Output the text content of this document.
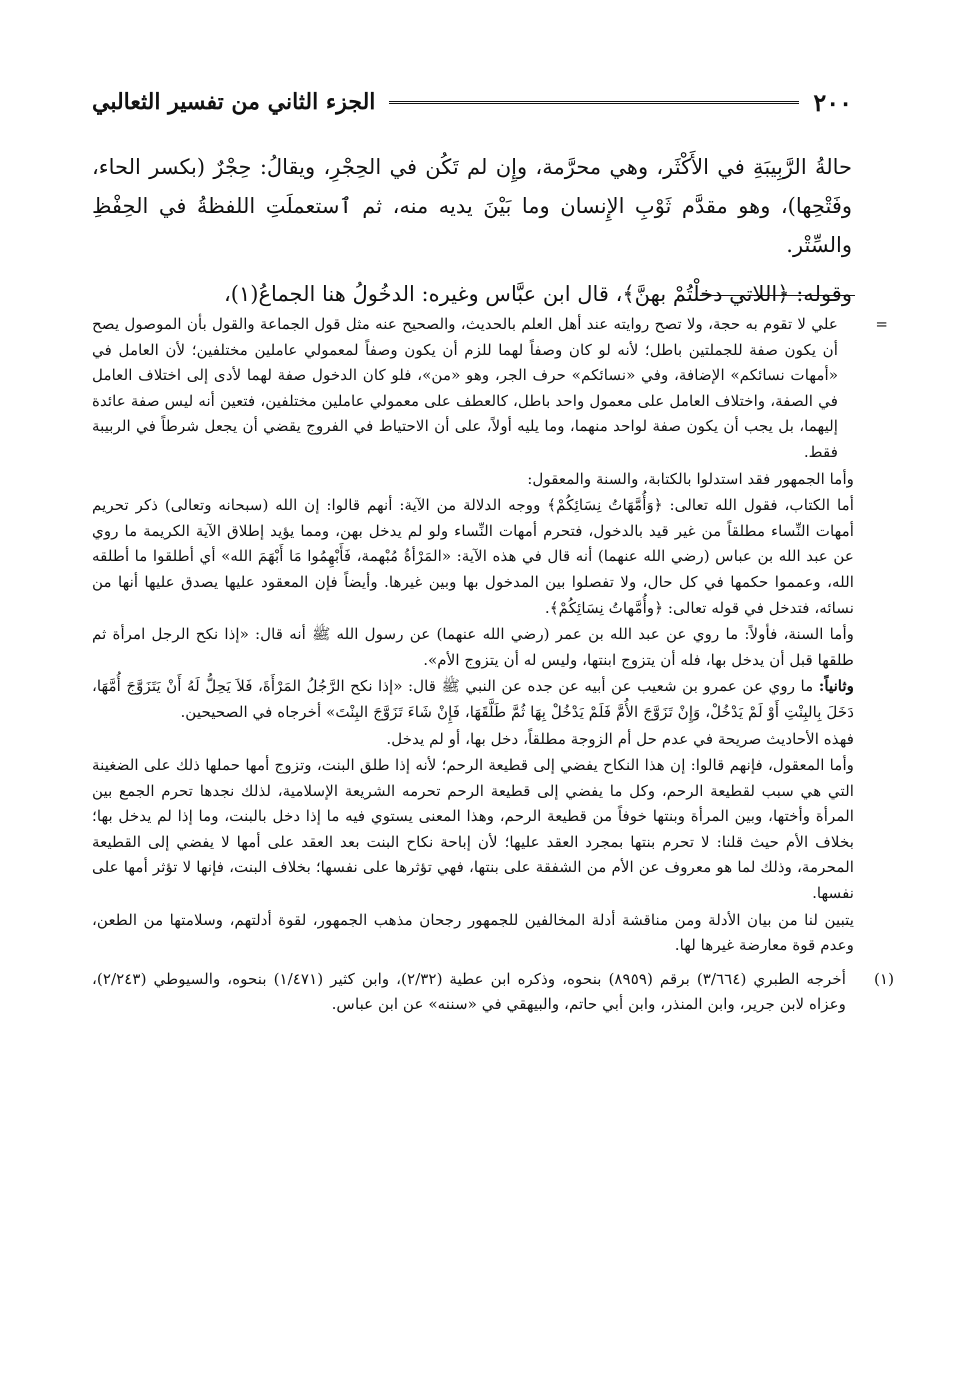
٢٠٠
الجزء الثاني من تفسير الثعالبي

حالةُ الرَّبِيبَةِ في الأَكْثَر، وهي محرَّمة، وإِن لم تَكُن في الحِجْرِ، ويقالُ: حِجْرٌ (بكسر الحاء، وفَتْحِها)، وهو مقدَّم ثَوْبِ الإِنسان وما بَيْنَ يديه منه، ثم ٱستعملَتِ اللفظةُ في الحِفْظِ والسِّتْر.

وقوله: ﴿اللاتي دخلْتُمْ بهنَّ﴾، قال ابن عبَّاس وغيره: الدخُولُ هنا الجماعُ(١)،

=
علي لا تقوم به حجة، ولا تصح روايته عند أهل العلم بالحديث، والصحيح عنه مثل قول الجماعة والقول بأن الموصول يصح أن يكون صفة للجملتين باطل؛ لأنه لو كان وصفاً لهما للزم أن يكون وصفاً لمعمولي عاملين مختلفين؛ لأن العامل في «أمهات نسائكم» الإضافة، وفي «نسائكم» حرف الجر، وهو «من»، فلو كان الدخول صفة لهما لأدى إلى اختلاف العامل في الصفة، واختلاف العامل على معمول واحد باطل، كالعطف على معمولي عاملين مختلفين، فتعين أنه ليس صفة عائدة إليهما، بل يجب أن يكون صفة لواحد منهما، وما يليه أولاً، على أن الاحتياط في الفروج يقضي أن يجعل شرطاً في الربيبة فقط.

وأما الجمهور فقد استدلوا بالكتابة، والسنة والمعقول:

أما الكتاب، فقول الله تعالى: ﴿وَأُمَّهَاتُ نِسَائِكُمْ﴾ ووجه الدلالة من الآية: أنهم قالوا: إن الله (سبحانه وتعالى) ذكر تحريم أمهات النِّساء مطلقاً من غير قيد بالدخول، فتحرم أمهات النِّساء ولو لم يدخل بهن، ومما يؤيد إطلاق الآية الكريمة ما روي عن عبد الله بن عباس (رضي الله عنهما) أنه قال في هذه الآية: «المَرْأةُ مُبْهمة، فَأَبْهِمُوا مَا أَبْهَمَ الله» أي أطلقوا ما أطلقه الله، وعمموا حكمها في كل حال، ولا تفصلوا بين المدخول بها وبين غيرها. وأيضاً فإن المعقود عليها يصدق عليها أنها من نسائه، فتدخل في قوله تعالى: ﴿وأُمَّهاتُ نِسَائِكُمْ﴾.

وأما السنة، فأولاً: ما روي عن عبد الله بن عمر (رضي الله عنهما) عن رسول الله ﷺ أنه قال: «إذا نكح الرجل امرأة ثم طلقها قبل أن يدخل بها، فله أن يتزوج ابنتها، وليس له أن يتزوج الأم».

وثانياً: ما روي عن عمرو بن شعيب عن أبيه عن جده عن النبي ﷺ قال: «إذا نكح الرَّجُلُ المَرْأَةَ، فَلاَ يَحِلُّ لَهُ أَنْ يَتَزَوَّجَ أُمَّهَا، دَخَلَ بِالبِنْتِ أَوْ لَمْ يَدْخُلْ، وَإِنْ تَزَوَّجَ الأُمَّ فَلَمْ يَدْخُلْ بِهَا ثُمَّ طَلَّقَهَا، فَإِنْ شَاءَ تَزَوَّجَ البِنْتَ» أخرجاه في الصحيحين.

فهذه الأحاديث صريحة في عدم حل أم الزوجة مطلقاً، دخل بها، أو لم يدخل.

وأما المعقول، فإنهم قالوا: إن هذا النكاح يفضي إلى قطيعة الرحم؛ لأنه إذا طلق البنت، وتزوج أمها حملها ذلك على الضغينة التي هي سبب لقطيعة الرحم، وكل ما يفضي إلى قطيعة الرحم تحرمه الشريعة الإسلامية، لذلك نجدها تحرم الجمع بين المرأة وأختها، وبين المرأة وبنتها خوفاً من قطيعة الرحم، وهذا المعنى يستوي فيه ما إذا دخل بالبنت، وما إذا لم يدخل بها؛ بخلاف الأم حيث قلنا: لا تحرم بنتها بمجرد العقد عليها؛ لأن إباحة نكاح البنت بعد العقد على أمها لا يفضي إلى القطيعة المحرمة، وذلك لما هو معروف عن الأم من الشفقة على بنتها، فهي تؤثرها على نفسها؛ بخلاف البنت، فإنها لا تؤثر أمها على نفسها.

يتبين لنا من بيان الأدلة ومن مناقشة أدلة المخالفين للجمهور رجحان مذهب الجمهور، لقوة أدلتهم، وسلامتها من الطعن، وعدم قوة معارضة غيرها لها.

(١)
أخرجه الطبري (٣/٦٦٤) برقم (٨٩٥٩) بنحوه، وذكره ابن عطية (٢/٣٢)، وابن كثير (١/٤٧١) بنحوه، والسيوطي (٢/٢٤٣)، وعزاه لابن جرير، وابن المنذر، وابن أبي حاتم، والبيهقي في «سننه» عن ابن عباس.
